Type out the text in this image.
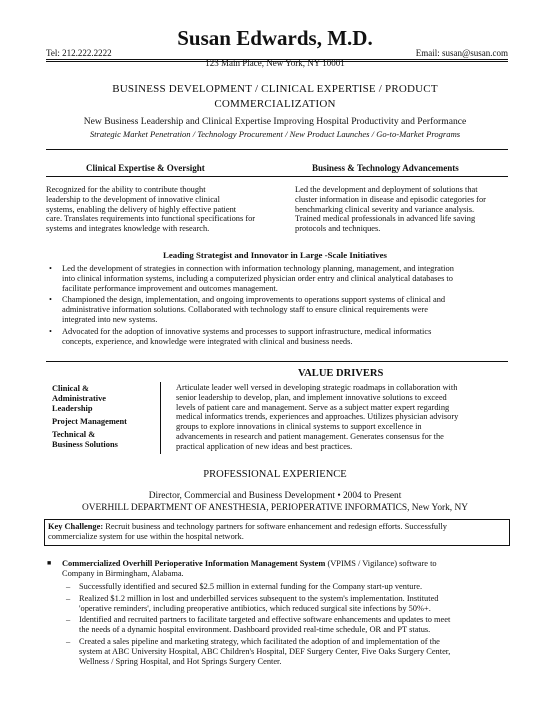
Susan Edwards, M.D.
Tel: 212.222.2222	Email: susan@susan.com
123 Main Place, New York, NY 10001
BUSINESS DEVELOPMENT / CLINICAL EXPERTISE / PRODUCT
COMMERCIALIZATION
New Business Leadership and Clinical Expertise Improving Hospital Productivity and Performance
Strategic Market Penetration / Technology Procurement / New Product Launches / Go-to-Market Programs
Clinical Expertise & Oversight	Business & Technology Advancements
Recognized for the ability to contribute thought
leadership to the development of innovative clinical
systems, enabling the delivery of highly effective patient
care. Translates requirements into functional specifications for
systems and integrates knowledge with research.
Led the development and deployment of solutions that
cluster information in disease and episodic categories for
benchmarking clinical severity and variance analysis.
Trained medical professionals in advanced life saving
protocols and techniques.
Leading Strategist and Innovator in Large -Scale Initiatives
• Led the development of strategies in connection with information technology planning, management, and integration
into clinical information systems, including a computerized physician order entry and clinical analytical databases to
facilitate performance improvement and outcomes management.
• Championed the design, implementation, and ongoing improvements to operations support systems of clinical and
administrative information solutions. Collaborated with technology staff to ensure clinical requirements were
integrated into new systems.
• Advocated for the adoption of innovative systems and processes to support infrastructure, medical informatics
concepts, experience, and knowledge were integrated with clinical and business needs.
VALUE DRIVERS
Clinical &
Administrative
Leadership
Project Management
Technical &
Business Solutions
Articulate leader well versed in developing strategic roadmaps in collaboration with
senior leadership to develop, plan, and implement innovative solutions to exceed
levels of patient care and management. Serve as a subject matter expert regarding
medical informatics trends, experiences and approaches. Utilizes physician advisory
groups to explore innovations in clinical systems to support excellence in
advancements in research and patient management. Generates consensus for the
practical application of new ideas and best practices.
PROFESSIONAL EXPERIENCE
Director, Commercial and Business Development • 2004 to Present
OVERHILL DEPARTMENT OF ANESTHESIA, PERIOPERATIVE INFORMATICS, New York, NY
Key Challenge: Recruit business and technology partners for software enhancement and redesign efforts. Successfully
commercialize system for use within the hospital network.
■ Commercialized Overhill Perioperative Information Management System (VPIMS / Vigilance) software to
Company in Birmingham, Alabama.
– Successfully identified and secured $2.5 million in external funding for the Company start-up venture.
– Realized $1.2 million in lost and underbilled services subsequent to the system's implementation. Instituted
'operative reminders', including preoperative antibiotics, which reduced surgical site infections by 50%+.
– Identified and recruited partners to facilitate targeted and effective software enhancements and updates to meet
the needs of a dynamic hospital environment. Dashboard provided real-time schedule, OR and PT status.
– Created a sales pipeline and marketing strategy, which facilitated the adoption of and implementation of the
system at ABC University Hospital, ABC Children's Hospital, DEF Surgery Center, Five Oaks Surgery Center,
Wellness / Spring Hospital, and Hot Springs Surgery Center.
